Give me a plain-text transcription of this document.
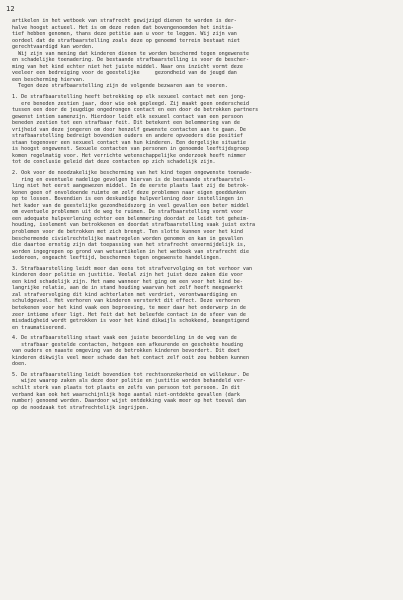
12
artikelen in het wetboek van strafrecht gewijzigd dienen te worden is der-
halve hoogst actueel. Het is om deze reden dat bovengenoemden het initia-
tief hebben genomen, thans deze petitie aan u voor te leggen. Wij zijn van
oordeel dat de strafbaarstelling zoals deze op genoemd terrein bestaat niet
gerechtvaardigd kan worden.
Wij zijn van mening dat kinderen dienen te worden beschermd tegen ongewenste
en schadelijke toenadering. De bestaande strafbaarstelling is voor de bescher-
ming van het kind echter niet het juiste middel. Naar ons inzicht vormt deze
veeleer een bedreiging voor de geestelijke     gezondheid van de jeugd dan
een bescherming hiervan.
Tegen deze strafbaarstelling zijn de volgende bezwaren aan te voeren.
1. De strafbaarstelling heeft betrekking op elk sexueel contact met een jong-
ere beneden zestien jaar, door wie ook gepleegd. Zij maakt geen onderscheid
tussen een door de jeugdige ongedrongen contact en een door de betrokken partners
gewenst intiem samenzijn. Hierdoor leidt elk sexueel contact van een persoon
beneden zestien tot een strafbaar feit. Dit betekent een belemmering van de
vrijheid van deze jongeren om door henzelf gewenste contacten aan te gaan. De
strafbaarstelling bedreigt bovendien ouders en andere opvoeders die positief
staan tegenover een sexueel contact van hun kinderen. Een dergelijke situatie
is hoogst ongewenst. Sexuele contacten van personen in genoemde leeftijdsgroep
komen regelmatig voor. Het verrichte wetenschappelijke onderzoek heeft nimmer
tot de conclusie geleid dat deze contacten op zich schadelijk zijn.
2. Ook voor de noodzakelijke bescherming van het kind tegen ongewenste toenade-
ring en eventuele nadelige gevolgen hiervan is de bestaande strafbaarstel-
ling niet het eerst aangewezen middel. In de eerste plaats laat zij de betrok-
kenen geen of onvoldoende ruimte om zelf deze problemen naar eigen goeddunken
op te lossen. Bovendien is een deskundige hulpverlening door instellingen in
het kader van de geestelijke gezondheidszorg in veel gevallen een beter middel
om eventuele problemen uit de weg te ruimen. De strafbaarstelling vormt voor
een adequate hulpverlening echter een belemmering doordat ze leidt tot geheim-
houding, isolement van betrokkenen en doordat strafbaarstelling vaak juist extra
problemen voor de betrokken met zich brengt. Ten slotte kunnen voor het kind
beschermende civielrechtelijke maatregelen worden genomen en kan in gevallen
die daartoe ernstig zijn dat toepassing van het strafrecht onvermijdelijk is,
worden ingegrepen op grond van wetsartikelen in het wetboek van strafrecht die
iedereen, ongeacht leeftijd, beschermen tegen ongewenste handelingen.
3. Strafbaarstelling leidt meer dan eens tot strafvervolging en tot verhoor van
kinderen door politie en justitie. Veelal zijn het juist deze zaken die voor
een kind schadelijk zijn. Het name wanneer het ging om een voor het kind be-
langrijke relatie, aan de in stand houding waarvan het zelf heeft meegewerkt
zal strafvervolging dit kind achterlaten met verdriet, verontwaardiging en
schuldgevoel. Het verhoren van kinderen versterkt dit effect. Deze verhoren
betekenen voor het kind vaak een beproeving, te meer daar het onderwerp in de
zeer intieme sfeer ligt. Het feit dat het beleefde contact in de sfeer van de
misdadigheid wordt getrokken is voor het kind dikwijls schokkend, beangstigend
en traumatiserend.
4. De strafbaarstelling staat vaak een juiste beoordeling in de weg van de
strafbaar gestelde contacten, hetgeen een afkeurende en geschokte houding
van ouders en naaste omgeving van de betrokken kinderen bevordert. Dit doet
kinderen dikwijls veel meer schade dan het contact zelf ooit zou hebben kunnen
doen.
5. De strafbaarstelling leidt bovendien tot rechtsonzekerheid en willekeur. De
wijze waarop zaken als deze door politie en justitie worden behandeld ver-
schilt sterk van plaats tot plaats en zelfs van persoon tot persoon. In dit
verband kan ook het waarschijnlijk hoge aantal niet-ontdekte gevallen (dark
number) genoemd worden. Daardoor wijst ontdekking vaak meer op het toeval dan
op de noodzaak tot strafrechtelijk ingrijpen.
